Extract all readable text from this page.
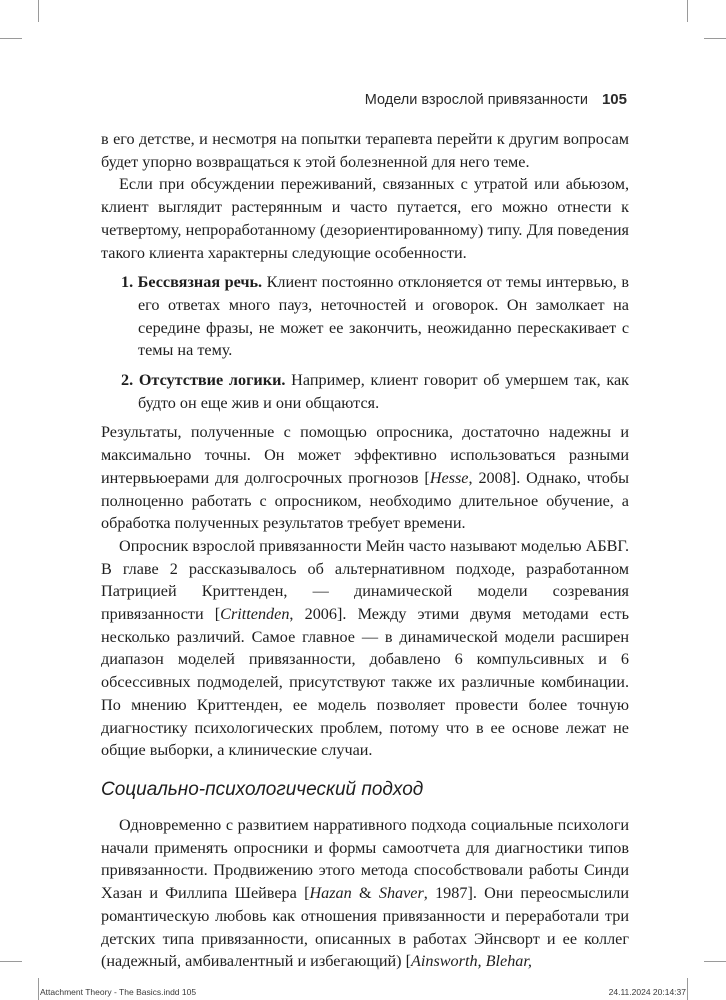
Модели взрослой привязанности 105

в его детстве, и несмотря на попытки терапевта перейти к другим вопросам будет упорно возвращаться к этой болезненной для него теме.

Если при обсуждении переживаний, связанных с утратой или абьюзом, клиент выглядит растерянным и часто путается, его можно отнести к четвертому, непроработанному (дезориентированному) типу. Для поведения такого клиента характерны следующие особенности.

1. Бессвязная речь. Клиент постоянно отклоняется от темы интервью, в его ответах много пауз, неточностей и оговорок. Он замолкает на середине фразы, не может ее закончить, неожиданно перескакивает с темы на тему.
2. Отсутствие логики. Например, клиент говорит об умершем так, как будто он еще жив и они общаются.

Результаты, полученные с помощью опросника, достаточно надежны и максимально точны. Он может эффективно использоваться разными интервьюерами для долгосрочных прогнозов [Hesse, 2008]. Однако, чтобы полноценно работать с опросником, необходимо длительное обучение, а обработка полученных результатов требует времени.

Опросник взрослой привязанности Мейн часто называют моделью АБВГ. В главе 2 рассказывалось об альтернативном подходе, разработанном Патрицией Криттенден, — динамической модели созревания привязанности [Crittenden, 2006]. Между этими двумя методами есть несколько различий. Самое главное — в динамической модели расширен диапазон моделей привязанности, добавлено 6 компульсивных и 6 обсессивных подмоделей, присутствуют также их различные комбинации. По мнению Криттенден, ее модель позволяет провести более точную диагностику психологических проблем, потому что в ее основе лежат не общие выборки, а клинические случаи.

Социально-психологический подход

Одновременно с развитием нарративного подхода социальные психологи начали применять опросники и формы самоотчета для диагностики типов привязанности. Продвижению этого метода способствовали работы Синди Хазан и Филлипа Шейвера [Hazan & Shaver, 1987]. Они переосмыслили романтическую любовь как отношения привязанности и переработали три детских типа привязанности, описанных в работах Эйнсворт и ее коллег (надежный, амбивалентный и избегающий) [Ainsworth, Blehar,

Attachment Theory - The Basics.indd 105	24.11.2024 20:14:37
